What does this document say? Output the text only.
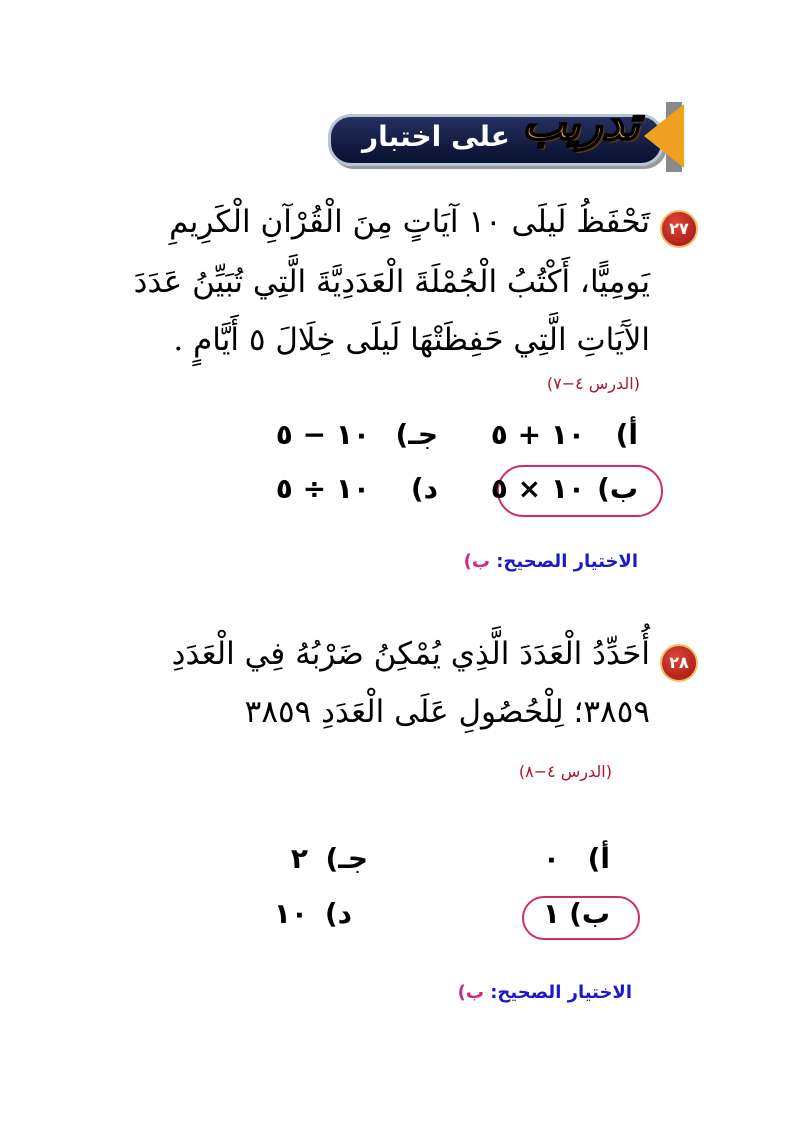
على اختبار تدريب
٢٧
تَحْفَظُ لَيلَى ١٠ آيَاتٍ مِنَ الْقُرْآنِ الْكَرِيمِ
يَومِيًّا، أَكْتُبُ الْجُمْلَةَ الْعَدَدِيَّةَ الَّتِي تُبَيِّنُ عَدَدَ
الآَيَاتِ الَّتِي حَفِظَتْهَا لَيلَى خِلَالَ ٥ أَيَّامٍ .
(الدرس ٤−٧)
أ)
١٠ + ٥
جـ)
١٠ − ٥
ب)
١٠ × ٥
د)
١٠ ÷ ٥
الاختيار الصحيح: ب)
٢٨
أُحَدِّدُ الْعَدَدَ الَّذِي يُمْكِنُ ضَرْبُهُ فِي الْعَدَدِ
٣٨٥٩؛ لِلْحُصُولِ عَلَى الْعَدَدِ ٣٨٥٩
(الدرس ٤−٨)
أ)
٠
جـ)
٢
ب)
١
د)
١٠
الاختيار الصحيح: ب)
